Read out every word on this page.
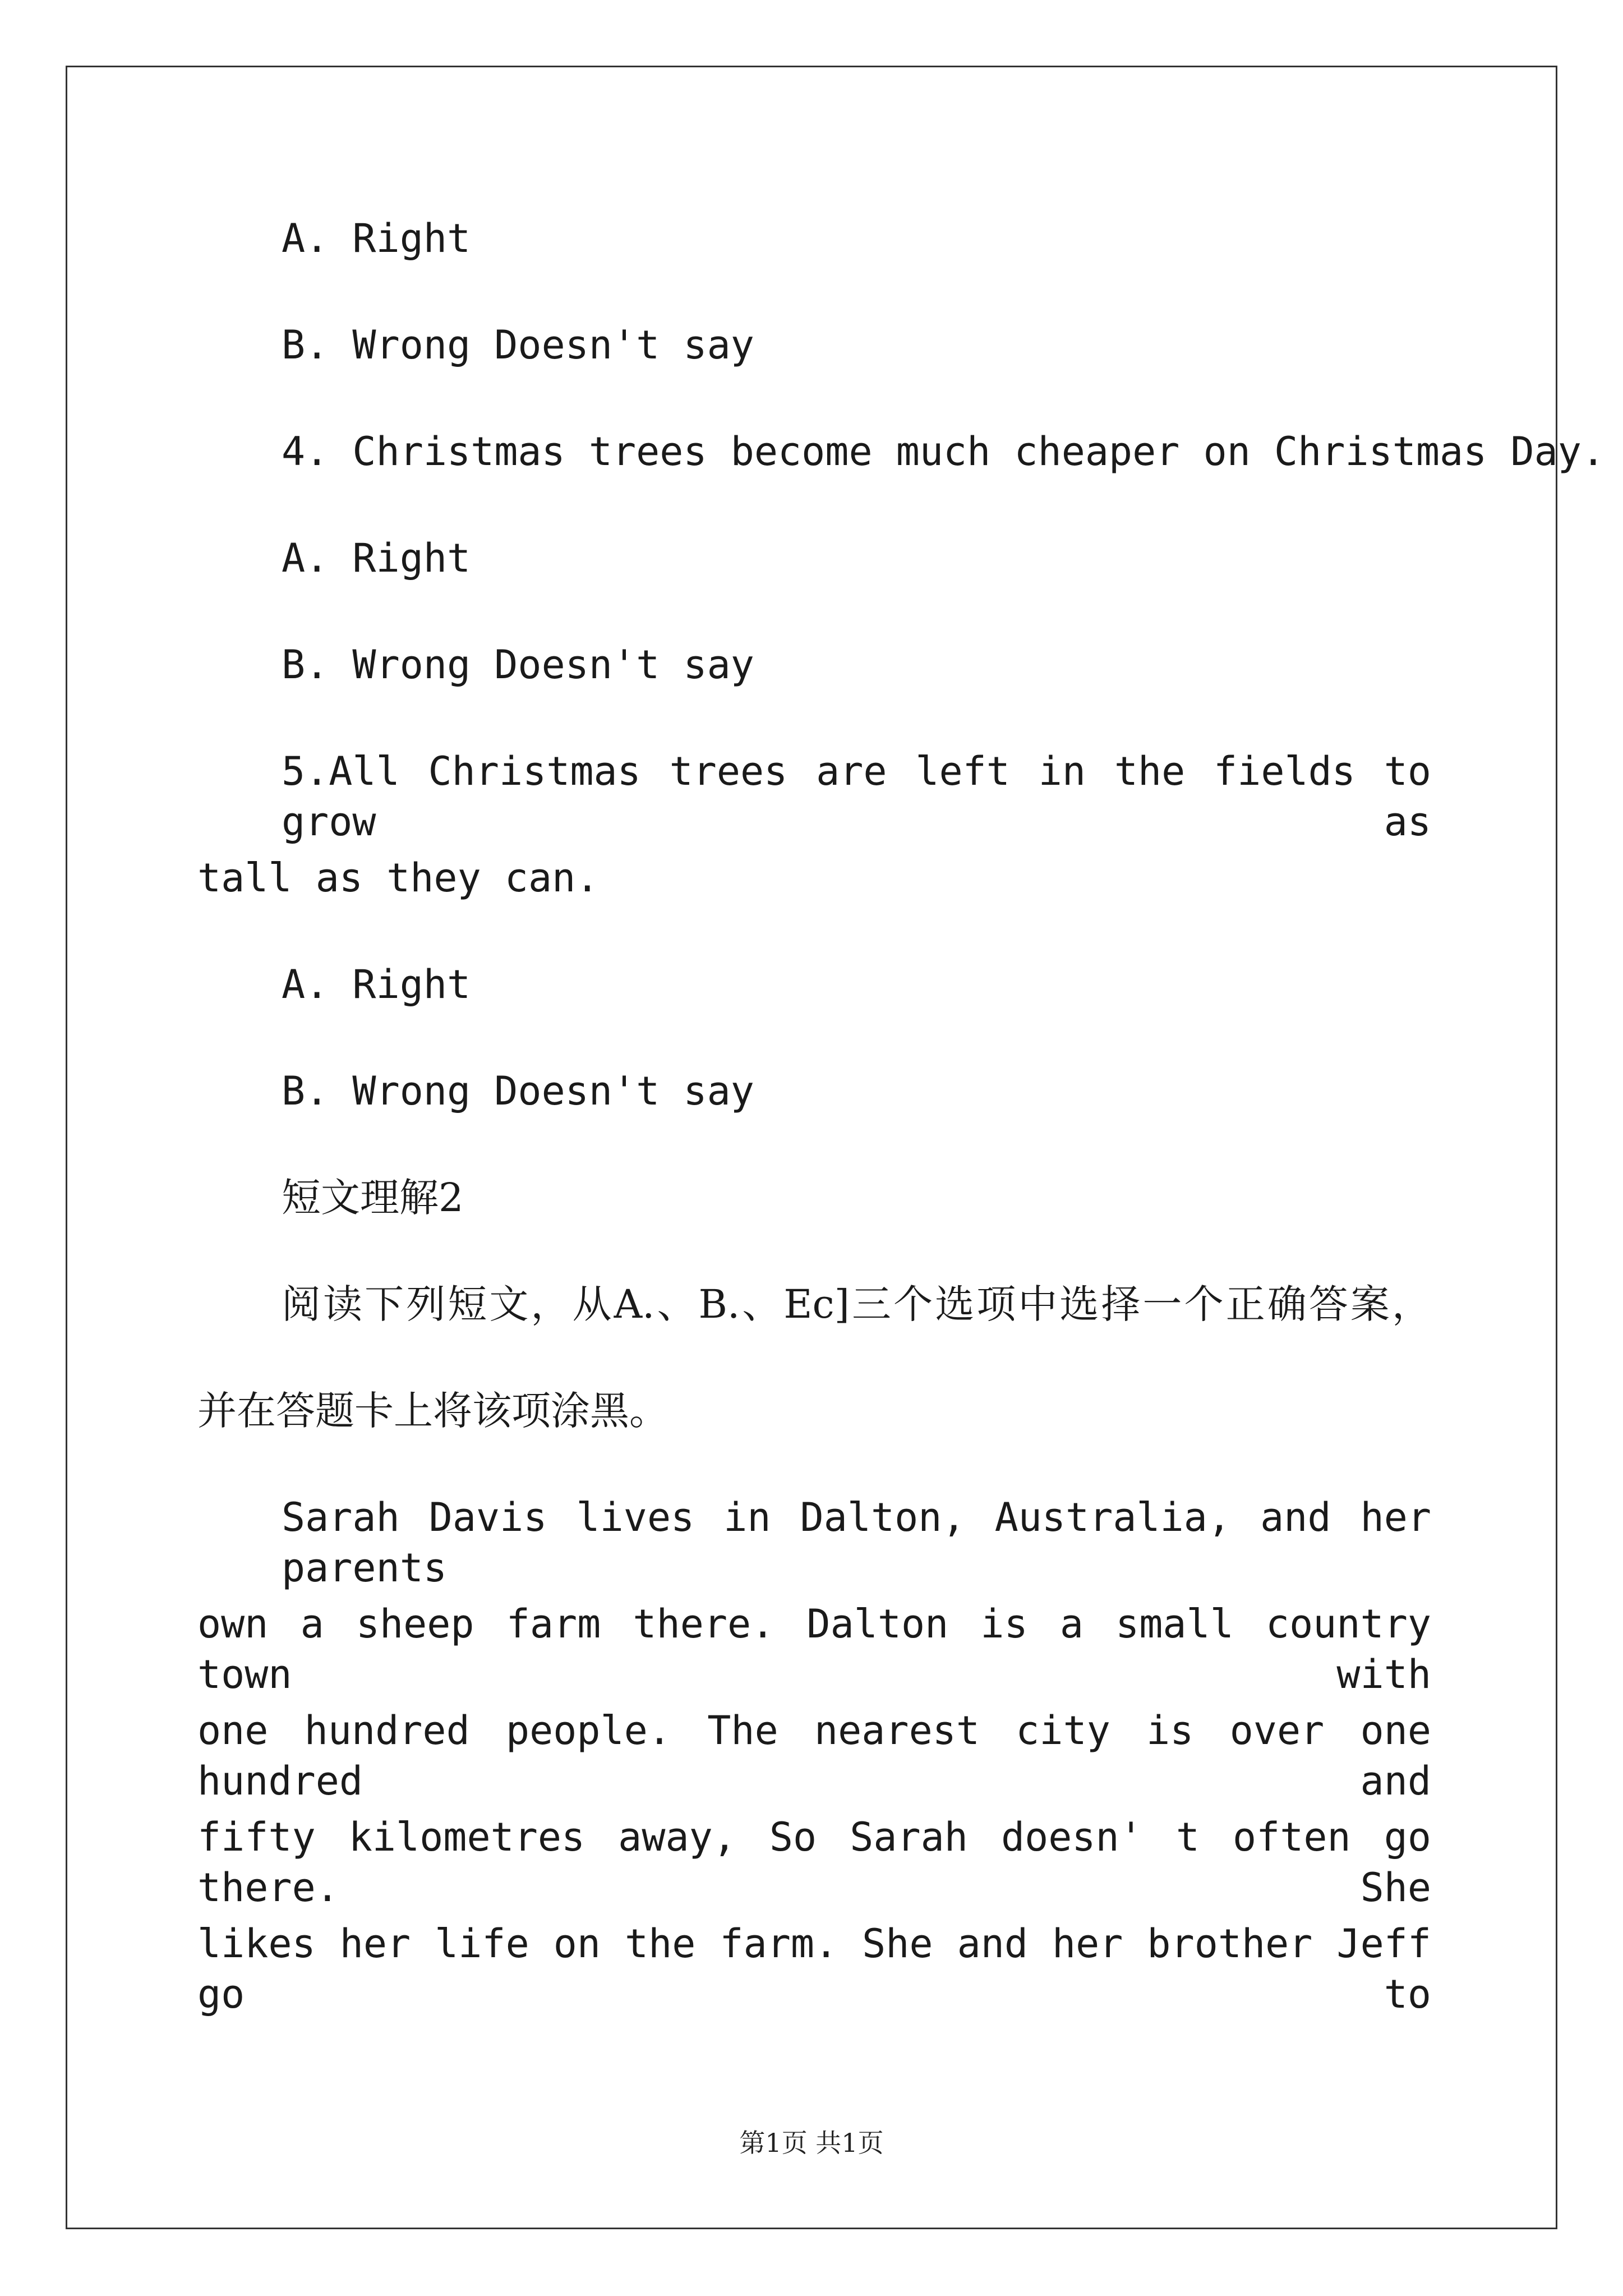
A. Right
B. Wrong Doesn't say
4. Christmas trees become much cheaper on Christmas Day.
A. Right
B. Wrong Doesn't say
5.All Christmas trees are left in the fields to grow as
tall as they can.
A. Right
B. Wrong Doesn't say
短文理解2
阅读下列短文，从A.、B.、Ec]三个选项中选择一个正确答案，
并在答题卡上将该项涂黑。
Sarah Davis lives in Dalton, Australia, and her parents
own a sheep farm there. Dalton is a small country town with
one hundred people. The nearest city is over one hundred and
fifty kilometres away, So Sarah doesn' t often go there. She
likes her life on the farm. She and her brother Jeff go to
第1页 共1页
